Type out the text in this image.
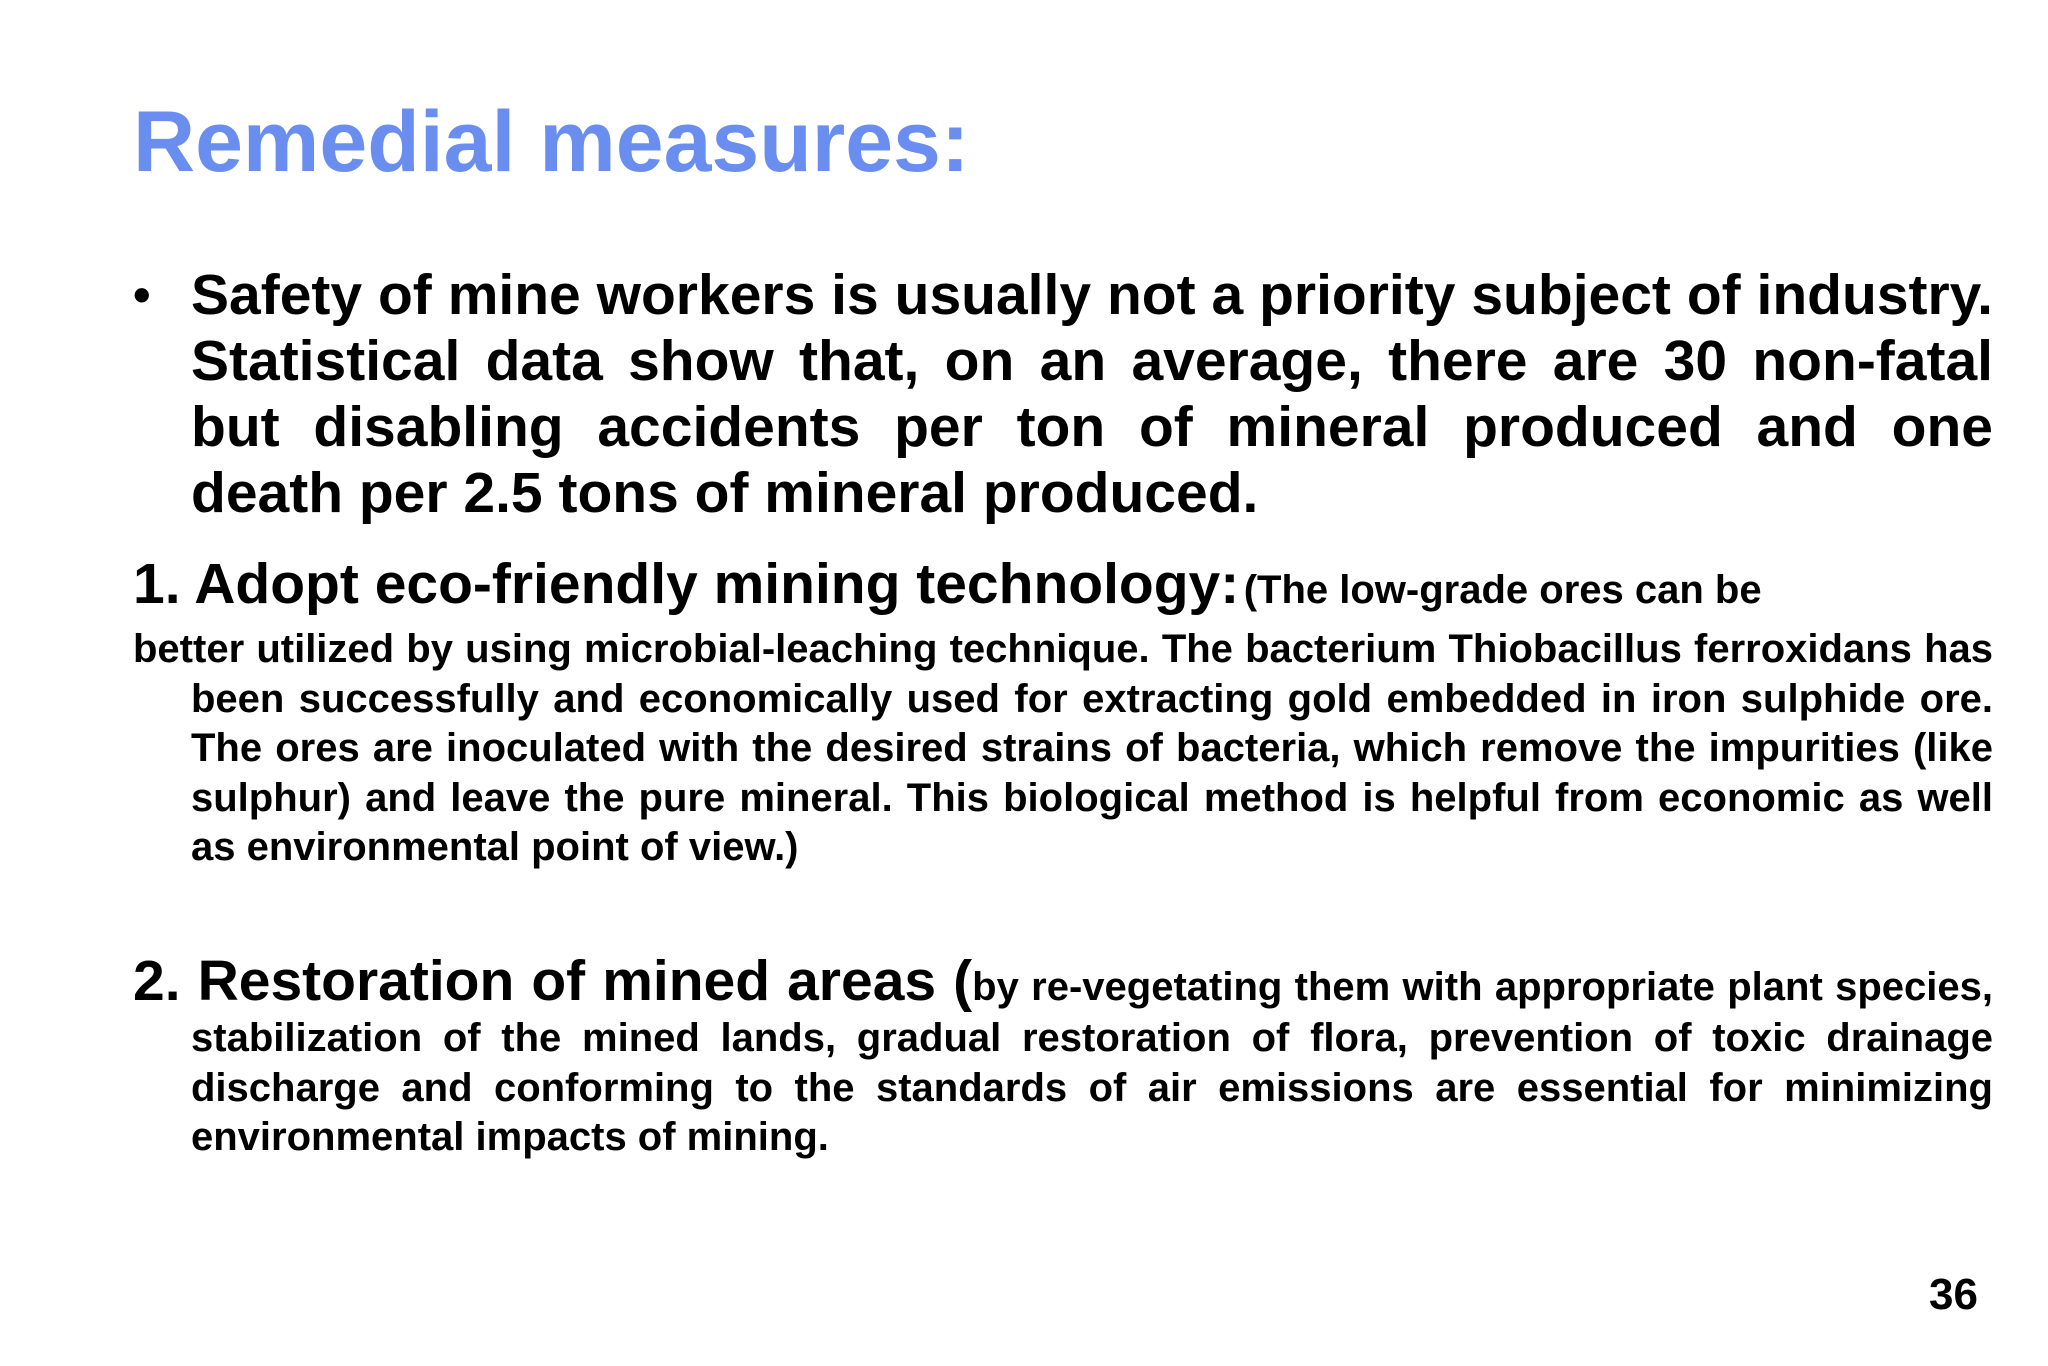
Remedial measures:
• Safety of mine workers is usually not a priority subject of industry. Statistical data show that, on an average, there are 30 non-fatal but disabling accidents per ton of mineral produced and one death per 2.5 tons of mineral produced.
1. Adopt eco-friendly mining technology: (The low-grade ores can be
better utilized by using microbial-leaching technique. The bacterium Thiobacillus ferroxidans has been successfully and economically used for extracting gold embedded in iron sulphide ore. The ores are inoculated with the desired strains of bacteria, which remove the impurities (like sulphur) and leave the pure mineral. This biological method is helpful from economic as well as environmental point of view.)
2. Restoration of mined areas (by re-vegetating them with appropriate plant species, stabilization of the mined lands, gradual restoration of flora, prevention of toxic drainage discharge and conforming to the standards of air emissions are essential for minimizing environmental impacts of mining.
36
